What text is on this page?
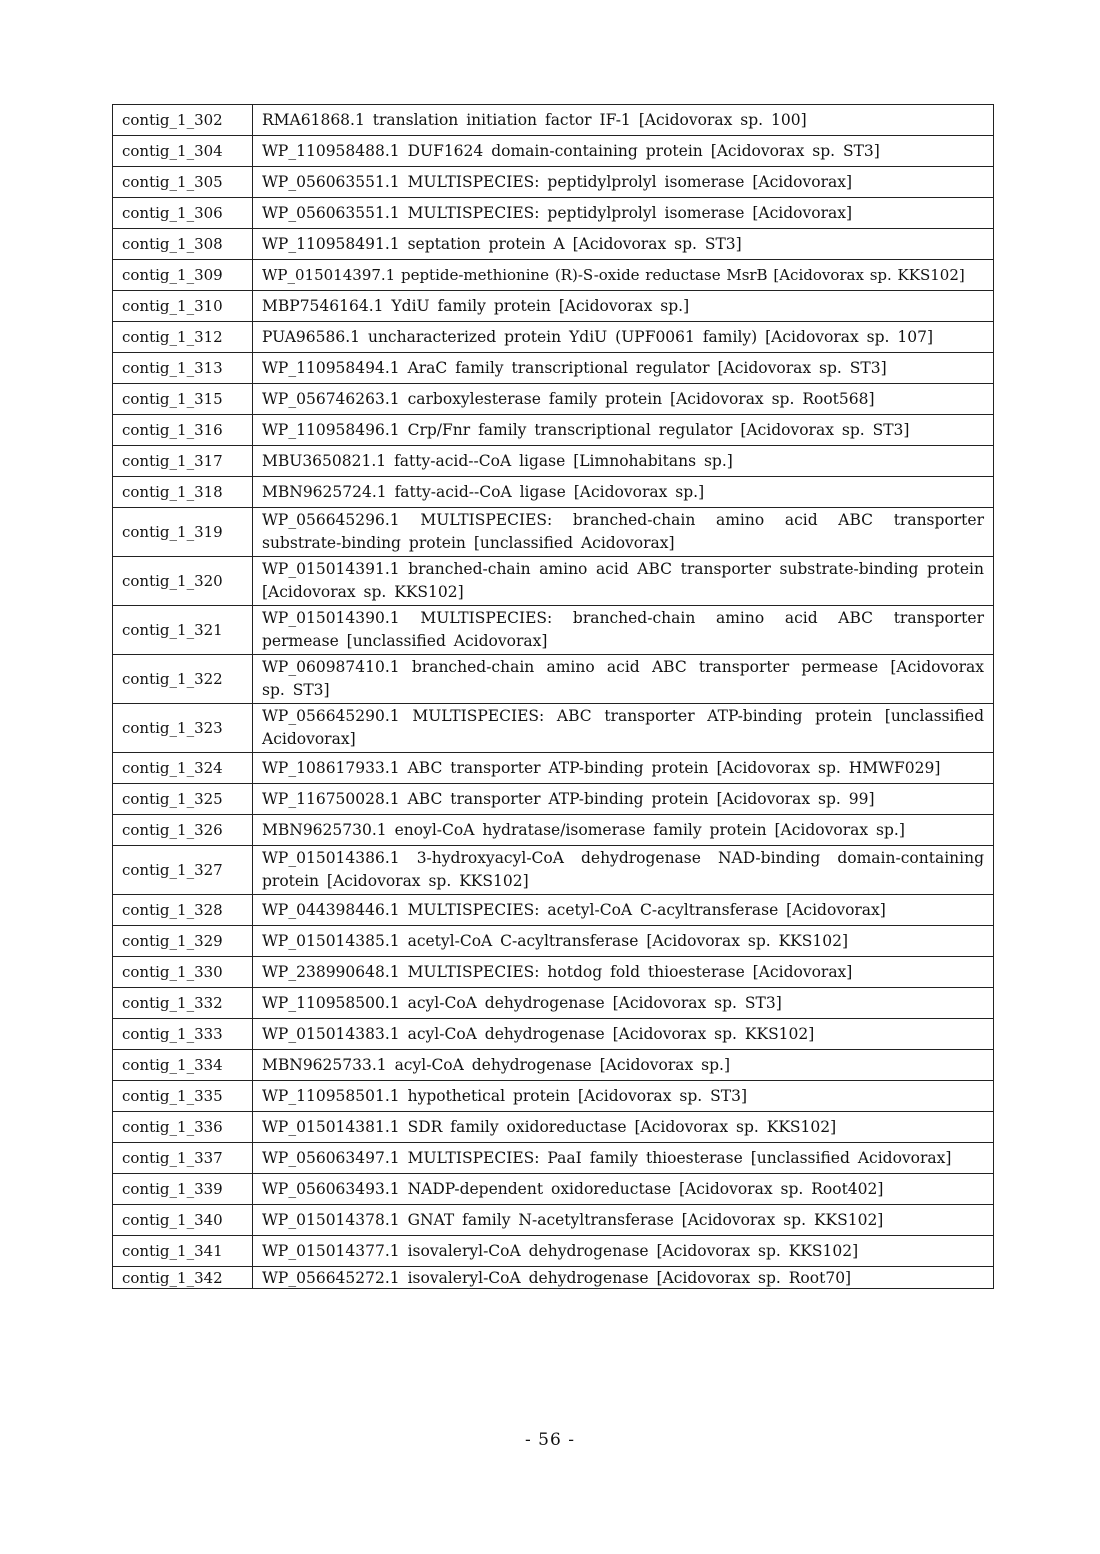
contig_1_302	RMA61868.1 translation initiation factor IF-1 [Acidovorax sp. 100]
contig_1_304	WP_110958488.1 DUF1624 domain-containing protein [Acidovorax sp. ST3]
contig_1_305	WP_056063551.1 MULTISPECIES: peptidylprolyl isomerase [Acidovorax]
contig_1_306	WP_056063551.1 MULTISPECIES: peptidylprolyl isomerase [Acidovorax]
contig_1_308	WP_110958491.1 septation protein A [Acidovorax sp. ST3]
contig_1_309	WP_015014397.1 peptide-methionine (R)-S-oxide reductase MsrB [Acidovorax sp. KKS102]
contig_1_310	MBP7546164.1 YdiU family protein [Acidovorax sp.]
contig_1_312	PUA96586.1 uncharacterized protein YdiU (UPF0061 family) [Acidovorax sp. 107]
contig_1_313	WP_110958494.1 AraC family transcriptional regulator [Acidovorax sp. ST3]
contig_1_315	WP_056746263.1 carboxylesterase family protein [Acidovorax sp. Root568]
contig_1_316	WP_110958496.1 Crp/Fnr family transcriptional regulator [Acidovorax sp. ST3]
contig_1_317	MBU3650821.1 fatty-acid--CoA ligase [Limnohabitans sp.]
contig_1_318	MBN9625724.1 fatty-acid--CoA ligase [Acidovorax sp.]
contig_1_319	WP_056645296.1 MULTISPECIES: branched-chain amino acid ABC transporter substrate-binding protein [unclassified Acidovorax]
contig_1_320	WP_015014391.1 branched-chain amino acid ABC transporter substrate-binding protein [Acidovorax sp. KKS102]
contig_1_321	WP_015014390.1 MULTISPECIES: branched-chain amino acid ABC transporter permease [unclassified Acidovorax]
contig_1_322	WP_060987410.1 branched-chain amino acid ABC transporter permease [Acidovorax sp. ST3]
contig_1_323	WP_056645290.1 MULTISPECIES: ABC transporter ATP-binding protein [unclassified Acidovorax]
contig_1_324	WP_108617933.1 ABC transporter ATP-binding protein [Acidovorax sp. HMWF029]
contig_1_325	WP_116750028.1 ABC transporter ATP-binding protein [Acidovorax sp. 99]
contig_1_326	MBN9625730.1 enoyl-CoA hydratase/isomerase family protein [Acidovorax sp.]
contig_1_327	WP_015014386.1 3-hydroxyacyl-CoA dehydrogenase NAD-binding domain-containing protein [Acidovorax sp. KKS102]
contig_1_328	WP_044398446.1 MULTISPECIES: acetyl-CoA C-acyltransferase [Acidovorax]
contig_1_329	WP_015014385.1 acetyl-CoA C-acyltransferase [Acidovorax sp. KKS102]
contig_1_330	WP_238990648.1 MULTISPECIES: hotdog fold thioesterase [Acidovorax]
contig_1_332	WP_110958500.1 acyl-CoA dehydrogenase [Acidovorax sp. ST3]
contig_1_333	WP_015014383.1 acyl-CoA dehydrogenase [Acidovorax sp. KKS102]
contig_1_334	MBN9625733.1 acyl-CoA dehydrogenase [Acidovorax sp.]
contig_1_335	WP_110958501.1 hypothetical protein [Acidovorax sp. ST3]
contig_1_336	WP_015014381.1 SDR family oxidoreductase [Acidovorax sp. KKS102]
contig_1_337	WP_056063497.1 MULTISPECIES: PaaI family thioesterase [unclassified Acidovorax]
contig_1_339	WP_056063493.1 NADP-dependent oxidoreductase [Acidovorax sp. Root402]
contig_1_340	WP_015014378.1 GNAT family N-acetyltransferase [Acidovorax sp. KKS102]
contig_1_341	WP_015014377.1 isovaleryl-CoA dehydrogenase [Acidovorax sp. KKS102]
contig_1_342	WP_056645272.1 isovaleryl-CoA dehydrogenase [Acidovorax sp. Root70]
- 56 -
